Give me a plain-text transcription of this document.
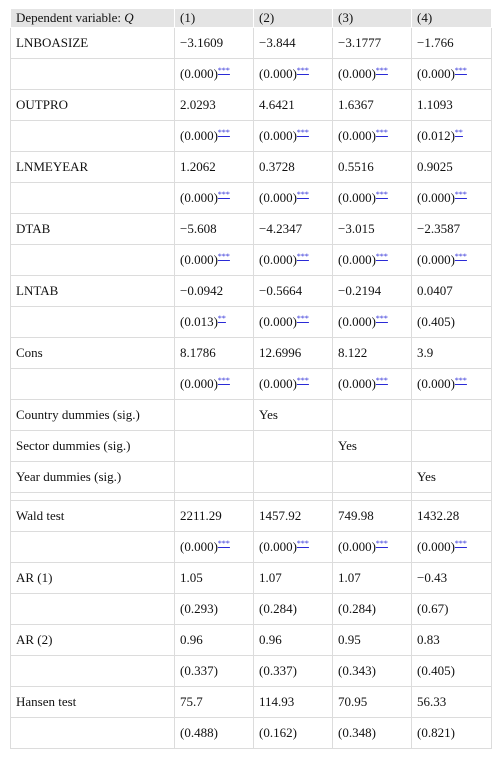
Dependent variable: Q	(1)	(2)	(3)	(4)
LNBOASIZE	−3.1609	−3.844	−3.1777	−1.766
	(0.000)***	(0.000)***	(0.000)***	(0.000)***
OUTPRO	2.0293	4.6421	1.6367	1.1093
	(0.000)***	(0.000)***	(0.000)***	(0.012)**
LNMEYEAR	1.2062	0.3728	0.5516	0.9025
	(0.000)***	(0.000)***	(0.000)***	(0.000)***
DTAB	−5.608	−4.2347	−3.015	−2.3587
	(0.000)***	(0.000)***	(0.000)***	(0.000)***
LNTAB	−0.0942	−0.5664	−0.2194	0.0407
	(0.013)**	(0.000)***	(0.000)***	(0.405)
Cons	8.1786	12.6996	8.122	3.9
	(0.000)***	(0.000)***	(0.000)***	(0.000)***
Country dummies (sig.)		Yes		
Sector dummies (sig.)			Yes	
Year dummies (sig.)				Yes

Wald test	2211.29	1457.92	749.98	1432.28
	(0.000)***	(0.000)***	(0.000)***	(0.000)***
AR (1)	1.05	1.07	1.07	−0.43
	(0.293)	(0.284)	(0.284)	(0.67)
AR (2)	0.96	0.96	0.95	0.83
	(0.337)	(0.337)	(0.343)	(0.405)
Hansen test	75.7	114.93	70.95	56.33
	(0.488)	(0.162)	(0.348)	(0.821)
